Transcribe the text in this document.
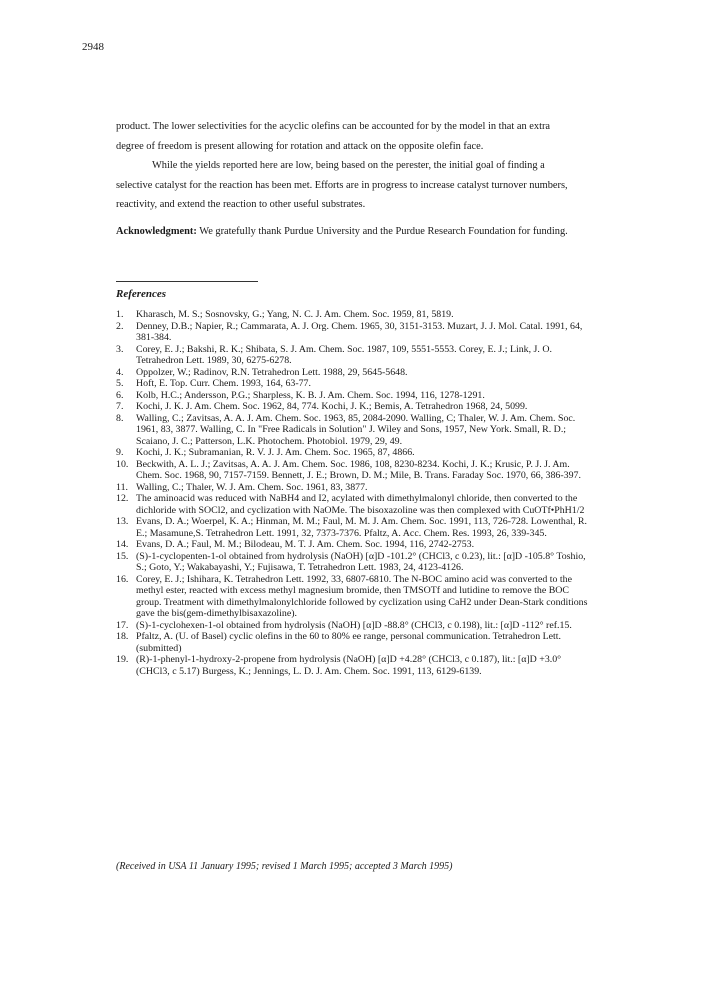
2948
product. The lower selectivities for the acyclic olefins can be accounted for by the model in that an extra
degree of freedom is present allowing for rotation and attack on the opposite olefin face.
While the yields reported here are low, being based on the perester, the initial goal of finding a
selective catalyst for the reaction has been met. Efforts are in progress to increase catalyst turnover numbers,
reactivity, and extend the reaction to other useful substrates.
Acknowledgment: We gratefully thank Purdue University and the Purdue Research Foundation for funding.
References
1.	Kharasch, M. S.; Sosnovsky, G.; Yang, N. C. J. Am. Chem. Soc. 1959, 81, 5819.
2.	Denney, D.B.; Napier, R.; Cammarata, A. J. Org. Chem. 1965, 30, 3151-3153. Muzart, J. J. Mol. Catal. 1991, 64, 381-384.
3.	Corey, E. J.; Bakshi, R. K.; Shibata, S. J. Am. Chem. Soc. 1987, 109, 5551-5553. Corey, E. J.; Link, J. O. Tetrahedron Lett. 1989, 30, 6275-6278.
4.	Oppolzer, W.; Radinov, R.N. Tetrahedron Lett. 1988, 29, 5645-5648.
5.	Hoft, E. Top. Curr. Chem. 1993, 164, 63-77.
6.	Kolb, H.C.; Andersson, P.G.; Sharpless, K. B. J. Am. Chem. Soc. 1994, 116, 1278-1291.
7.	Kochi, J. K. J. Am. Chem. Soc. 1962, 84, 774. Kochi, J. K.; Bemis, A. Tetrahedron 1968, 24, 5099.
8.	Walling, C.; Zavitsas, A. A. J. Am. Chem. Soc. 1963, 85, 2084-2090. Walling, C; Thaler, W. J. Am. Chem. Soc. 1961, 83, 3877. Walling, C. In "Free Radicals in Solution" J. Wiley and Sons, 1957, New York. Small, R. D.; Scaiano, J. C.; Patterson, L.K. Photochem. Photobiol. 1979, 29, 49.
9.	Kochi, J. K.; Subramanian, R. V. J. J. Am. Chem. Soc. 1965, 87, 4866.
10. Beckwith, A. L. J.; Zavitsas, A. A. J. Am. Chem. Soc. 1986, 108, 8230-8234. Kochi, J. K.; Krusic, P. J. J. Am. Chem. Soc. 1968, 90, 7157-7159. Bennett, J. E.; Brown, D. M.; Mile, B. Trans. Faraday Soc. 1970, 66, 386-397.
11. Walling, C.; Thaler, W. J. Am. Chem. Soc. 1961, 83, 3877.
12. The aminoacid was reduced with NaBH4 and I2, acylated with dimethylmalonyl chloride, then converted to the dichloride with SOCl2, and cyclization with NaOMe. The bisoxazoline was then complexed with CuOTf•PhH1/2
13. Evans, D. A.; Woerpel, K. A.; Hinman, M. M.; Faul, M. M. J. Am. Chem. Soc. 1991, 113, 726-728. Lowenthal, R. E.; Masamune,S. Tetrahedron Lett. 1991, 32, 7373-7376. Pfaltz, A. Acc. Chem. Res. 1993, 26, 339-345.
14. Evans, D. A.; Faul, M. M.; Bilodeau, M. T. J. Am. Chem. Soc. 1994, 116, 2742-2753.
15. (S)-1-cyclopenten-1-ol obtained from hydrolysis (NaOH) [α]D -101.2° (CHCl3, c 0.23), lit.: [α]D -105.8° Toshio, S.; Goto, Y.; Wakabayashi, Y.; Fujisawa, T. Tetrahedron Lett. 1983, 24, 4123-4126.
16. Corey, E. J.; Ishihara, K. Tetrahedron Lett. 1992, 33, 6807-6810. The N-BOC amino acid was converted to the methyl ester, reacted with excess methyl magnesium bromide, then TMSOTf and lutidine to remove the BOC group. Treatment with dimethylmalonylchloride followed by cyclization using CaH2 under Dean-Stark conditions gave the bis(gem-dimethylbisaxazoline).
17. (S)-1-cyclohexen-1-ol obtained from hydrolysis (NaOH) [α]D -88.8° (CHCl3, c 0.198), lit.: [α]D -112° ref.15.
18. Pfaltz, A. (U. of Basel) cyclic olefins in the 60 to 80% ee range, personal communication. Tetrahedron Lett. (submitted)
19. (R)-1-phenyl-1-hydroxy-2-propene from hydrolysis (NaOH) [α]D +4.28° (CHCl3, c 0.187), lit.: [α]D +3.0° (CHCl3, c 5.17) Burgess, K.; Jennings, L. D. J. Am. Chem. Soc. 1991, 113, 6129-6139.
(Received in USA 11 January 1995; revised 1 March 1995; accepted 3 March 1995)
